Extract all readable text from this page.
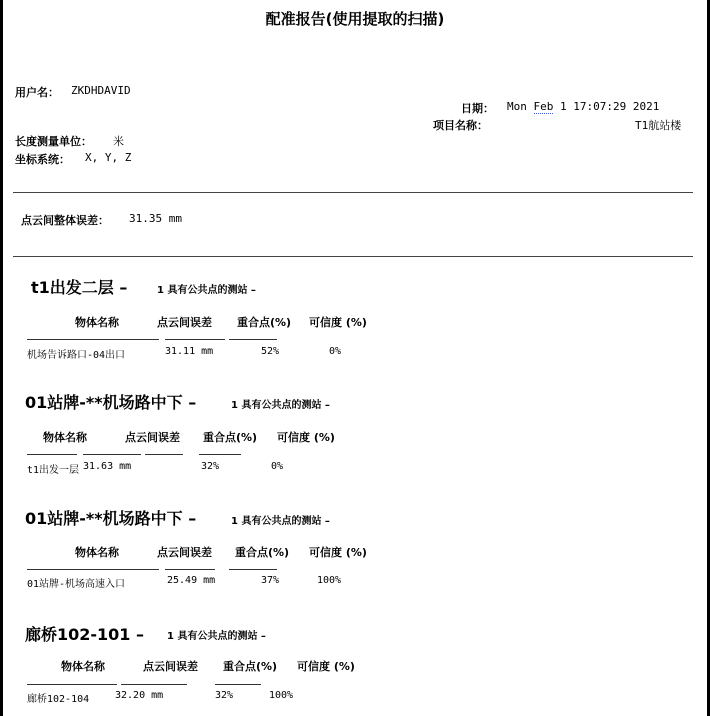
配准报告(使用提取的扫描)
用户名： ZKDHDAVID
日期： Mon Feb 1 17:07:29 2021
项目名称：	T1航站楼
长度测量单位： 米
坐标系统： X, Y, Z
点云间整体误差： 31.35 mm
t1出发二层 –	1 具有公共点的测站 –
物体名称	点云间误差 重合点(%) 可信度 (%)
机场告诉路口-04出口	31.11 mm	52%	0%
01站牌-**机场路中下 –	1 具有公共点的测站 –
物体名称	点云间误差 重合点(%) 可信度 (%)
t1出发一层 31.63 mm	32%	0%
01站牌-**机场路中下 –	1 具有公共点的测站 –
物体名称	点云间误差 重合点(%) 可信度 (%)
01站牌-机场高速入口	25.49 mm	37%	100%
廊桥102-101 – 1 具有公共点的测站 –
物体名称	点云间误差 重合点(%) 可信度 (%)
廊桥102-104	32.20 mm	32%	100%
